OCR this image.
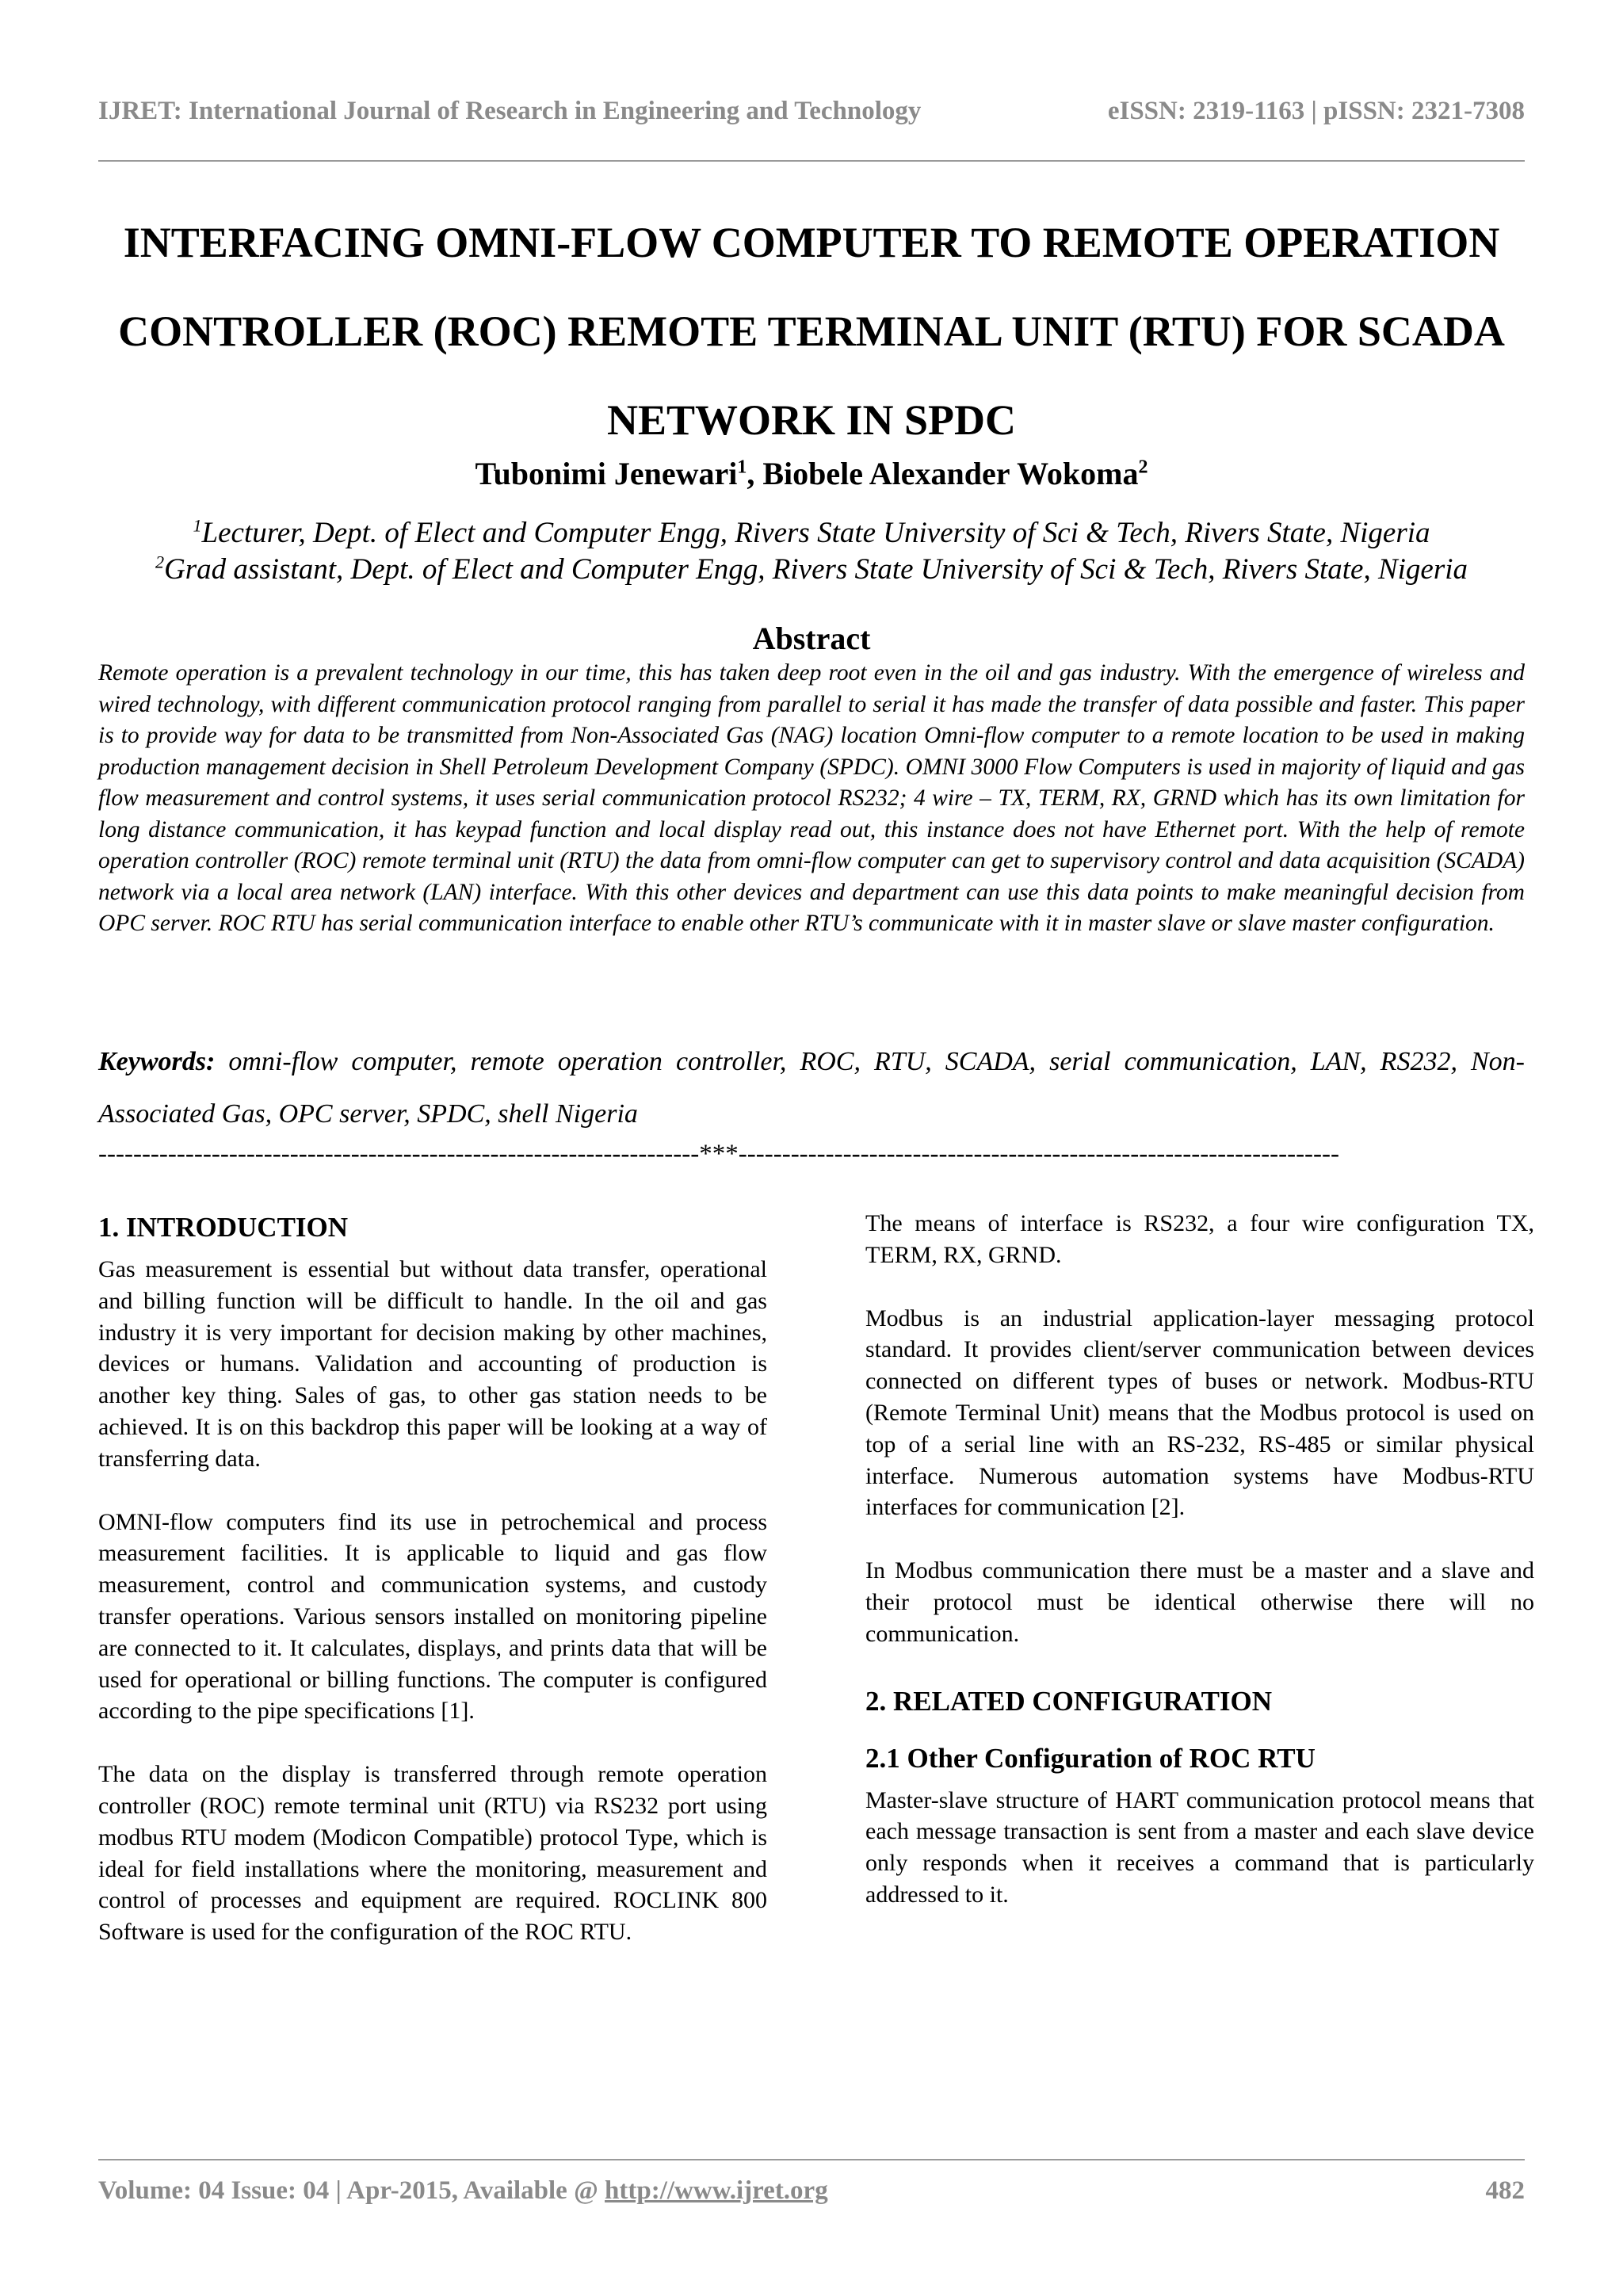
IJRET: International Journal of Research in Engineering and Technology	eISSN: 2319-1163 | pISSN: 2321-7308
INTERFACING OMNI-FLOW COMPUTER TO REMOTE OPERATION CONTROLLER (ROC) REMOTE TERMINAL UNIT (RTU) FOR SCADA NETWORK IN SPDC
Tubonimi Jenewari$^1$, Biobele Alexander Wokoma$^2$
$^1$Lecturer, Dept. of Elect and Computer Engg, Rivers State University of Sci & Tech, Rivers State, Nigeria
$^2$Grad assistant, Dept. of Elect and Computer Engg, Rivers State University of Sci & Tech, Rivers State, Nigeria
Abstract
Remote operation is a prevalent technology in our time, this has taken deep root even in the oil and gas industry. With the emergence of wireless and wired technology, with different communication protocol ranging from parallel to serial it has made the transfer of data possible and faster. This paper is to provide way for data to be transmitted from Non-Associated Gas (NAG) location Omni-flow computer to a remote location to be used in making production management decision in Shell Petroleum Development Company (SPDC). OMNI 3000 Flow Computers is used in majority of liquid and gas flow measurement and control systems, it uses serial communication protocol RS232; 4 wire – TX, TERM, RX, GRND which has its own limitation for long distance communication, it has keypad function and local display read out, this instance does not have Ethernet port. With the help of remote operation controller (ROC) remote terminal unit (RTU) the data from omni-flow computer can get to supervisory control and data acquisition (SCADA) network via a local area network (LAN) interface. With this other devices and department can use this data points to make meaningful decision from OPC server. ROC RTU has serial communication interface to enable other RTU’s communicate with it in master slave or slave master configuration.
Keywords: omni-flow computer, remote operation controller, ROC, RTU, SCADA, serial communication, LAN, RS232, Non-Associated Gas, OPC server, SPDC, shell Nigeria
---------------------------------------------------------------------***---------------------------------------------------------------------
1. INTRODUCTION

Gas measurement is essential but without data transfer, operational and billing function will be difficult to handle. In the oil and gas industry it is very important for decision making by other machines, devices or humans. Validation and accounting of production is another key thing. Sales of gas, to other gas station needs to be achieved. It is on this backdrop this paper will be looking at a way of transferring data.

OMNI-flow computers find its use in petrochemical and process measurement facilities. It is applicable to liquid and gas flow measurement, control and communication systems, and custody transfer operations. Various sensors installed on monitoring pipeline are connected to it. It calculates, displays, and prints data that will be used for operational or billing functions. The computer is configured according to the pipe specifications [1].

The data on the display is transferred through remote operation controller (ROC) remote terminal unit (RTU) via RS232 port using modbus RTU modem (Modicon Compatible) protocol Type, which is ideal for field installations where the monitoring, measurement and control of processes and equipment are required. ROCLINK 800 Software is used for the configuration of the ROC RTU.

The means of interface is RS232, a four wire configuration TX, TERM, RX, GRND.

Modbus is an industrial application-layer messaging protocol standard. It provides client/server communication between devices connected on different types of buses or network. Modbus-RTU (Remote Terminal Unit) means that the Modbus protocol is used on top of a serial line with an RS-232, RS-485 or similar physical interface. Numerous automation systems have Modbus-RTU interfaces for communication [2].

In Modbus communication there must be a master and a slave and their protocol must be identical otherwise there will no communication.

2. RELATED CONFIGURATION
2.1 Other Configuration of ROC RTU

Master-slave structure of HART communication protocol means that each message transaction is sent from a master and each slave device only responds when it receives a command that is particularly addressed to it.

Volume: 04 Issue: 04 | Apr-2015, Available @ http://www.ijret.org	482
